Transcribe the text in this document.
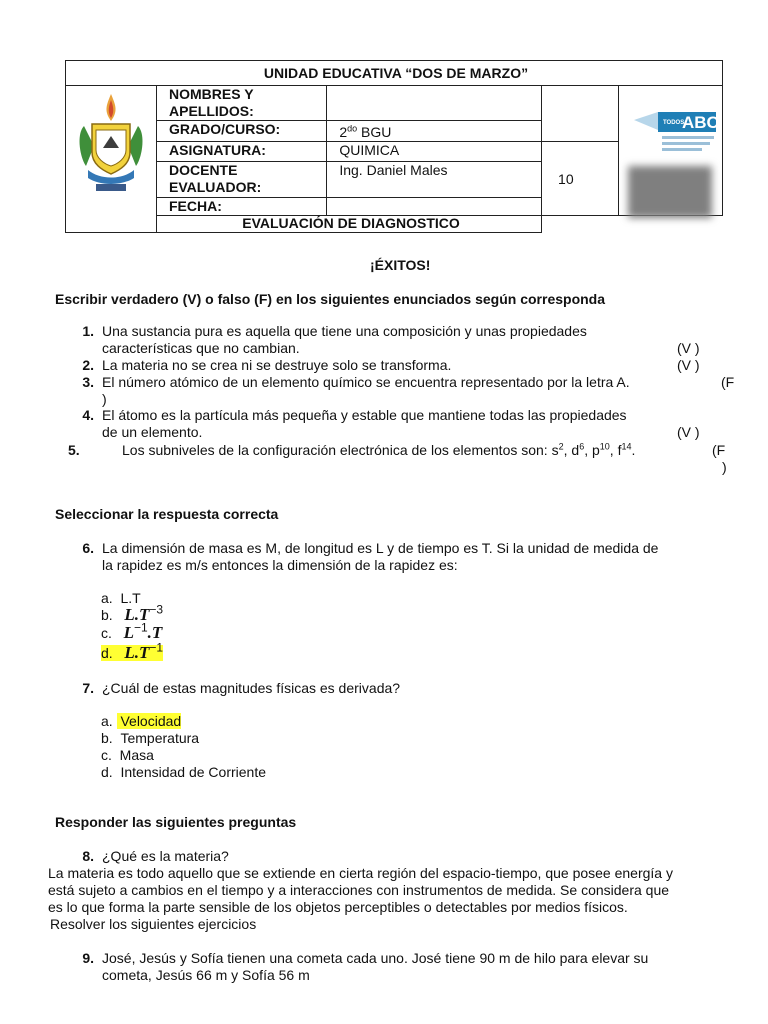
UNIDAD EDUCATIVA “DOS DE MARZO”				

NOMBRES Y
APELLIDOS:			

	GRADO/CURSO:	$2^{do}$ BGU		
	ASIGNATURA:	QUIMICA	10	

	DOCENTE
EVALUADOR:	Ing. Daniel Males		
	FECHA:			
	EVALUACIÓN DE DIAGNOSTICO			
TODOS
ABC
¡ÉXITOS!
Escribir verdadero (V) o falso (F) en los siguientes enunciados según corresponda
1. Una sustancia pura es aquella que tiene una composición y unas propiedades
características que no cambian.	(V )
2. La materia no se crea ni se destruye solo se transforma.	(V )
3. El número atómico de un elemento químico se encuentra representado por la letra A.	(F
)
4. El átomo es la partícula más pequeña y estable que mantiene todas las propiedades
de un elemento.	(V )
5.	Los subniveles de la configuración electrónica de los elementos son: $s^2$, $d^6$, $p^{10}$, $f^{14}$.	(F
)
Seleccionar la respuesta correcta
6. La dimensión de masa es M, de longitud es L y de tiempo es T. Si la unidad de medida de
la rapidez es m/s entonces la dimensión de la rapidez es:
a. L.T
b. $L.T^{-3}$
c. $L^{-1}.T$
d. $L.T^{-1}$
7. ¿Cuál de estas magnitudes físicas es derivada?
a. Velocidad
b. Temperatura
c. Masa
d. Intensidad de Corriente
Responder las siguientes preguntas
8. ¿Qué es la materia?
La materia es todo aquello que se extiende en cierta región del espacio-tiempo, que posee energía y
está sujeto a cambios en el tiempo y a interacciones con instrumentos de medida. Se considera que
es lo que forma la parte sensible de los objetos perceptibles o detectables por medios físicos.
Resolver los siguientes ejercicios
9. José, Jesús y Sofía tienen una cometa cada uno. José tiene 90 m de hilo para elevar su
cometa, Jesús 66 m y Sofía 56 m
